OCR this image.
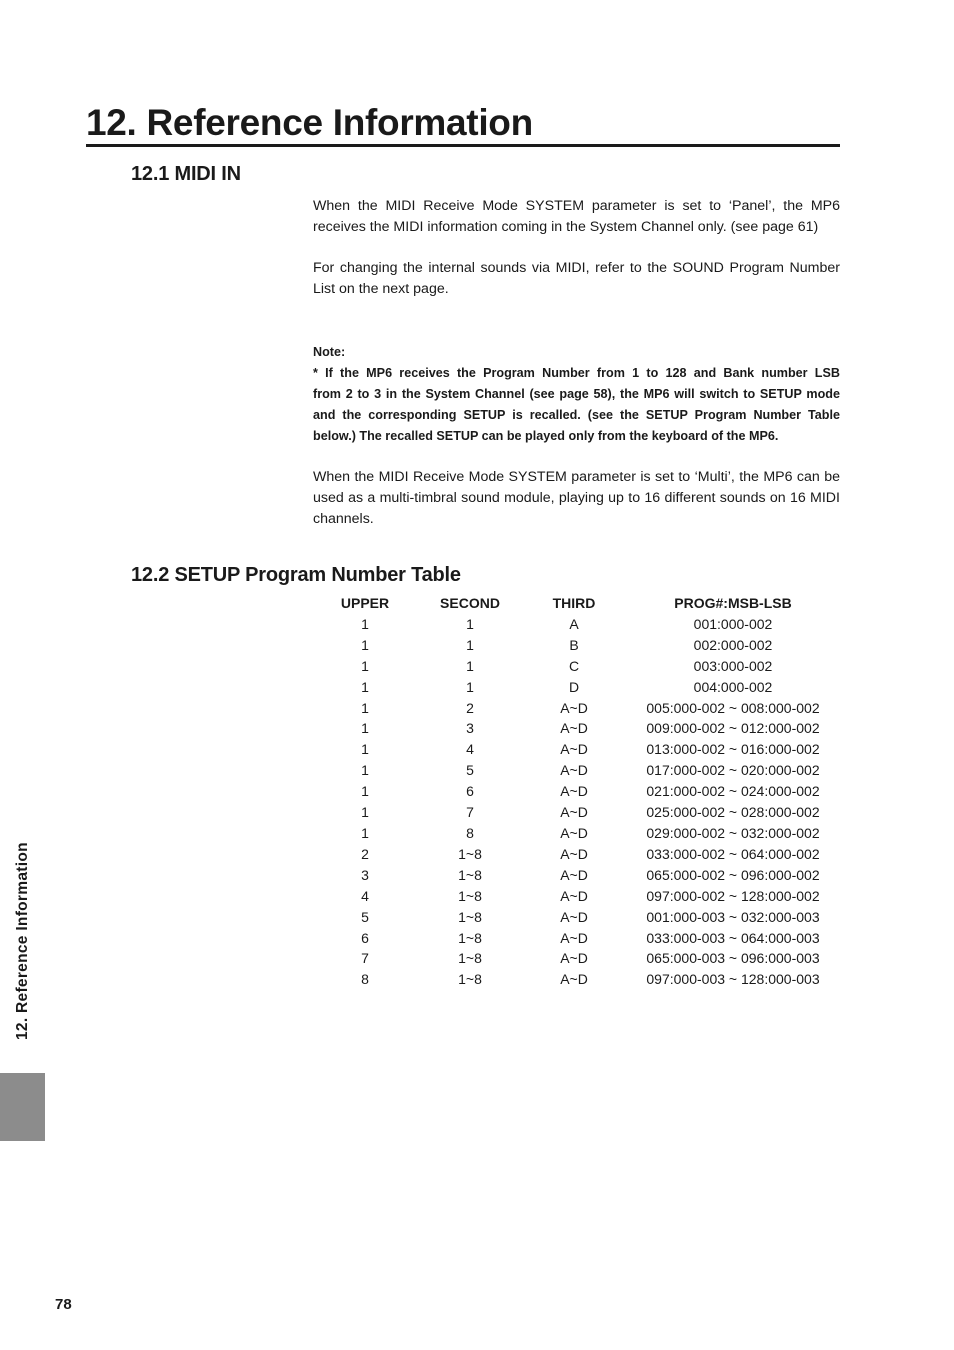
12. Reference Information
12.1 MIDI IN

When the MIDI Receive Mode SYSTEM parameter is set to ‘Panel’, the MP6 receives the MIDI information coming in the System Channel only. (see page 61)

For changing the internal sounds via MIDI, refer to the SOUND Program Number List on the next page.

Note:
* If the MP6 receives the Program Number from 1 to 128 and Bank number LSB
from 2 to 3 in the System Channel (see page 58), the MP6 will switch to SETUP mode
and the corresponding SETUP is recalled. (see the SETUP Program Number Table
below.) The recalled SETUP can be played only from the keyboard of the MP6.

When the MIDI Receive Mode SYSTEM parameter is set to ‘Multi’, the MP6 can be used as a multi-timbral sound module, playing up to 16 different sounds on 16 MIDI channels.

12.2 SETUP Program Number Table
UPPER	SECOND	THIRD	PROG#:MSB-LSB
1	1	A	001:000-002
1	1	B	002:000-002
1	1	C	003:000-002
1	1	D	004:000-002
1	2	A~D	005:000-002 ~ 008:000-002
1	3	A~D	009:000-002 ~ 012:000-002
1	4	A~D	013:000-002 ~ 016:000-002
1	5	A~D	017:000-002 ~ 020:000-002
1	6	A~D	021:000-002 ~ 024:000-002
1	7	A~D	025:000-002 ~ 028:000-002
1	8	A~D	029:000-002 ~ 032:000-002
2	1~8	A~D	033:000-002 ~ 064:000-002
3	1~8	A~D	065:000-002 ~ 096:000-002
4	1~8	A~D	097:000-002 ~ 128:000-002
5	1~8	A~D	001:000-003 ~ 032:000-003
6	1~8	A~D	033:000-003 ~ 064:000-003
7	1~8	A~D	065:000-003 ~ 096:000-003
8	1~8	A~D	097:000-003 ~ 128:000-003
12. Reference Information
78
